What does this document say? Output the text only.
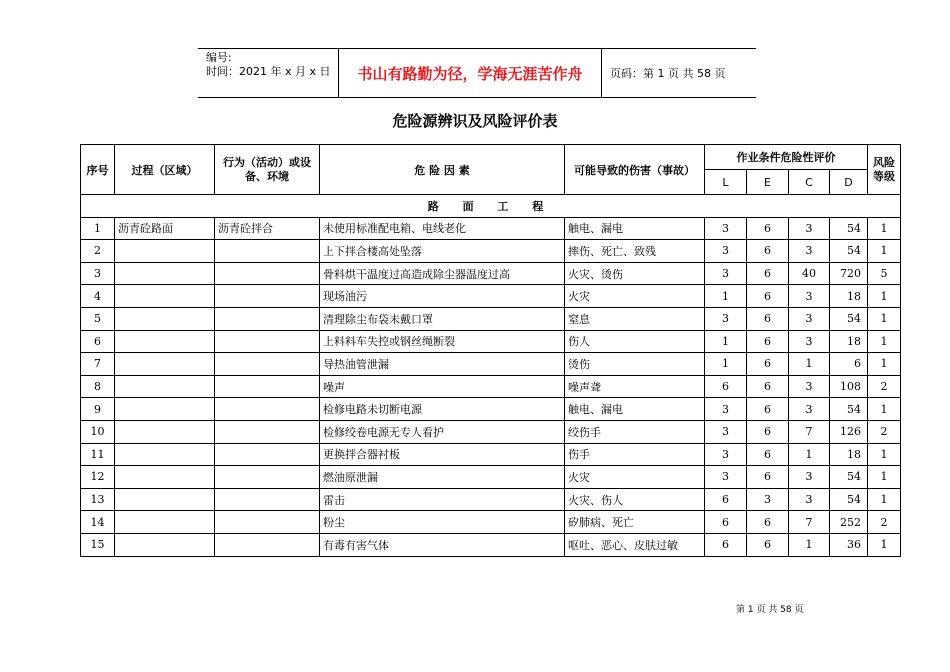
编号:
时间：2021 年 x 月 x 日	书山有路勤为径，学海无涯苦作舟	页码：第 1 页 共 58 页
危险源辨识及风险评价表
序号	过程（区域）	行为（活动）或设备、环境	危 险 因 素	可能导致的伤害（事故）	作业条件危险性评价				风险等级
					L	E	C	D	
路 面 工 程									
1	沥青砼路面	沥青砼拌合	未使用标准配电箱、电线老化	触电、漏电	3	6	3	54	1
2			上下拌合楼高处坠落	摔伤、死亡、致残	3	6	3	54	1
3			骨料烘干温度过高造成除尘器温度过高	火灾、烫伤	3	6	40	720	5
4			现场油污	火灾	1	6	3	18	1
5			清理除尘布袋未戴口罩	窒息	3	6	3	54	1
6			上料料车失控或钢丝绳断裂	伤人	1	6	3	18	1
7			导热油管泄漏	烫伤	1	6	1	6	1
8			噪声	噪声聋	6	6	3	108	2
9			检修电路未切断电源	触电、漏电	3	6	3	54	1
10			检修绞卷电源无专人看护	绞伤手	3	6	7	126	2
11			更换拌合器衬板	伤手	3	6	1	18	1
12			燃油原泄漏	火灾	3	6	3	54	1
13			雷击	火灾、伤人	6	3	3	54	1
14			粉尘	矽肺病、死亡	6	6	7	252	2
15			有毒有害气体	呕吐、恶心、皮肤过敏	6	6	1	36	1
第 1 页 共 58 页
